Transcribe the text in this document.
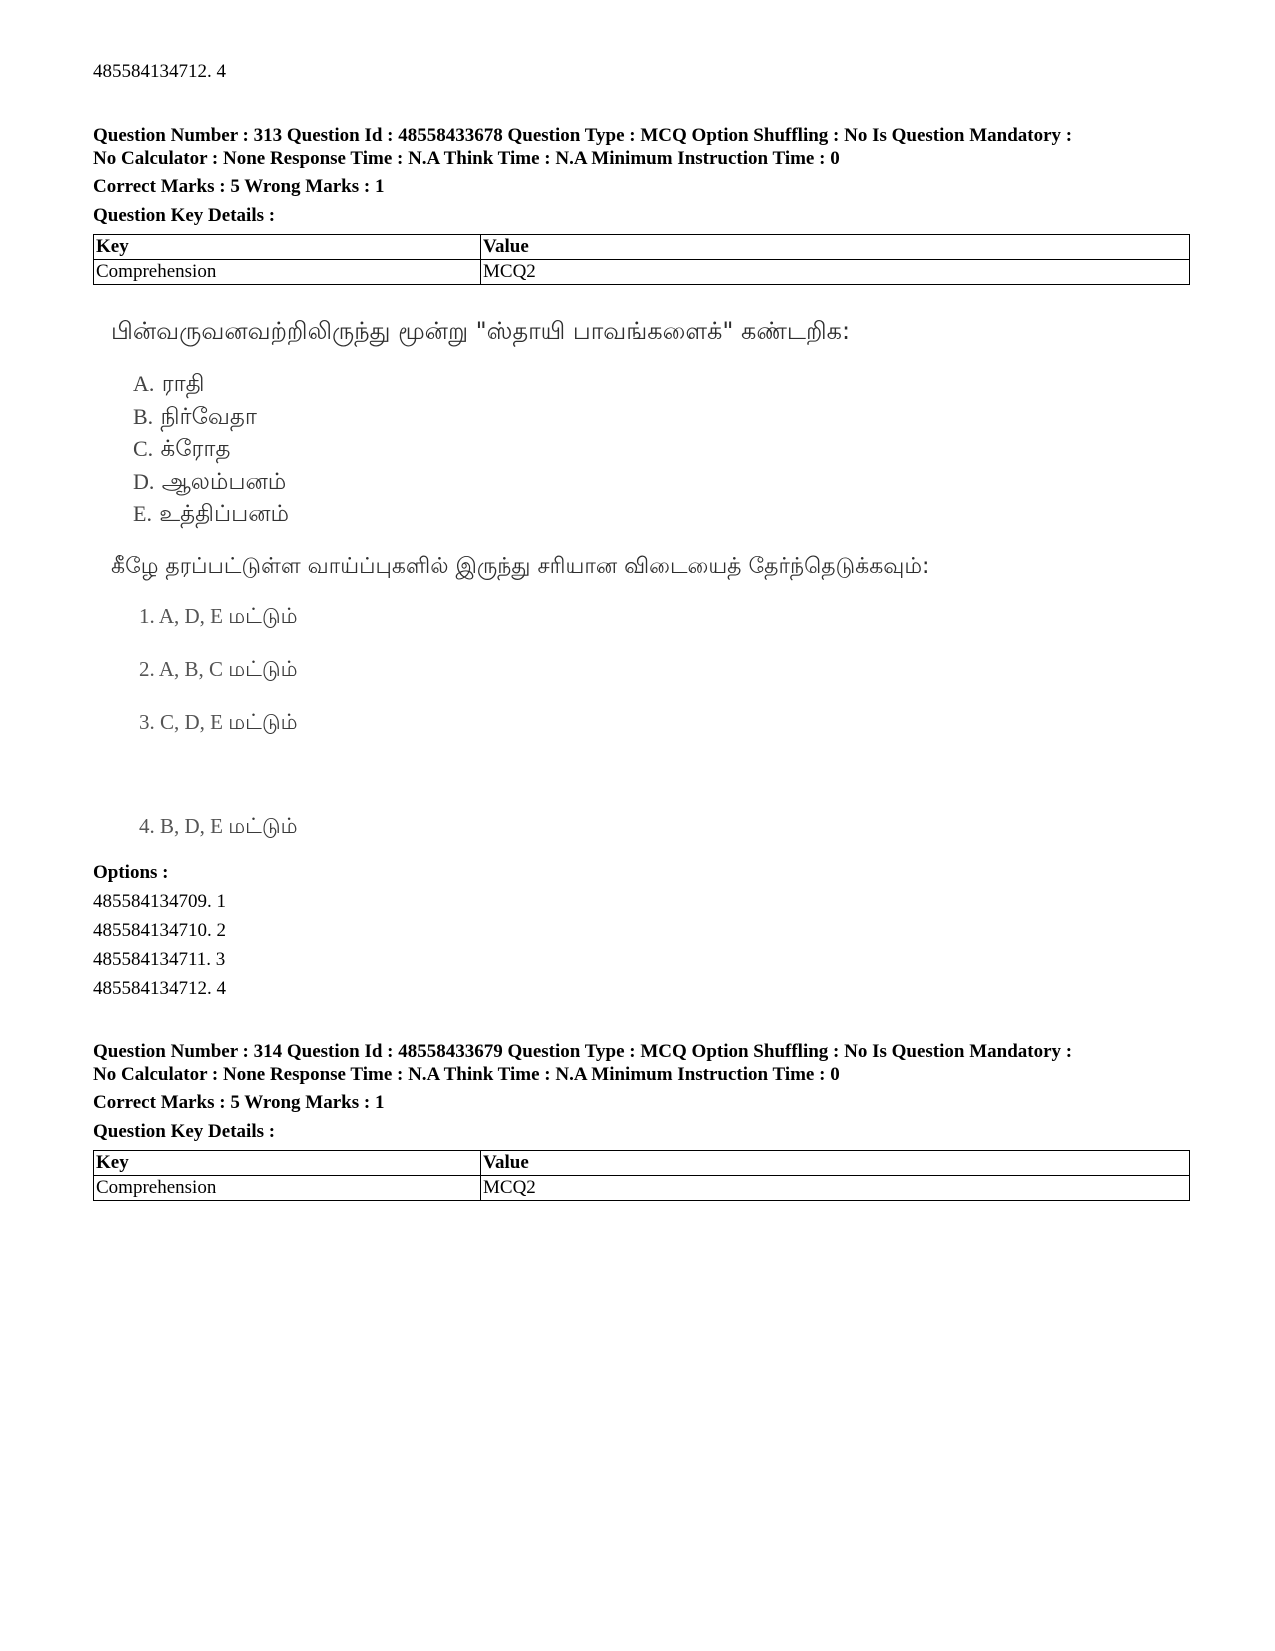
485584134712. 4

Question Number : 313 Question Id : 48558433678 Question Type : MCQ Option Shuffling : No Is Question Mandatory :

No Calculator : None Response Time : N.A Think Time : N.A Minimum Instruction Time : 0

Correct Marks : 5 Wrong Marks : 1

Question Key Details :

Key	Value
Comprehension	MCQ2

பின்வருவனவற்றிலிருந்து மூன்று "ஸ்தாயி பாவங்களைக்" கண்டறிக:

A. ராதி
B. நிர்வேதா
C. க்ரோத
D. ஆலம்பனம்
E. உத்திப்பனம்

கீழே தரப்பட்டுள்ள வாய்ப்புகளில் இருந்து சரியான விடையைத் தேர்ந்தெடுக்கவும்:

1. A, D, E மட்டும்

2. A, B, C மட்டும்

3. C, D, E மட்டும்

4. B, D, E மட்டும்

Options :

485584134709. 1

485584134710. 2

485584134711. 3

485584134712. 4

Question Number : 314 Question Id : 48558433679 Question Type : MCQ Option Shuffling : No Is Question Mandatory :

No Calculator : None Response Time : N.A Think Time : N.A Minimum Instruction Time : 0

Correct Marks : 5 Wrong Marks : 1

Question Key Details :

Key	Value
Comprehension	MCQ2
